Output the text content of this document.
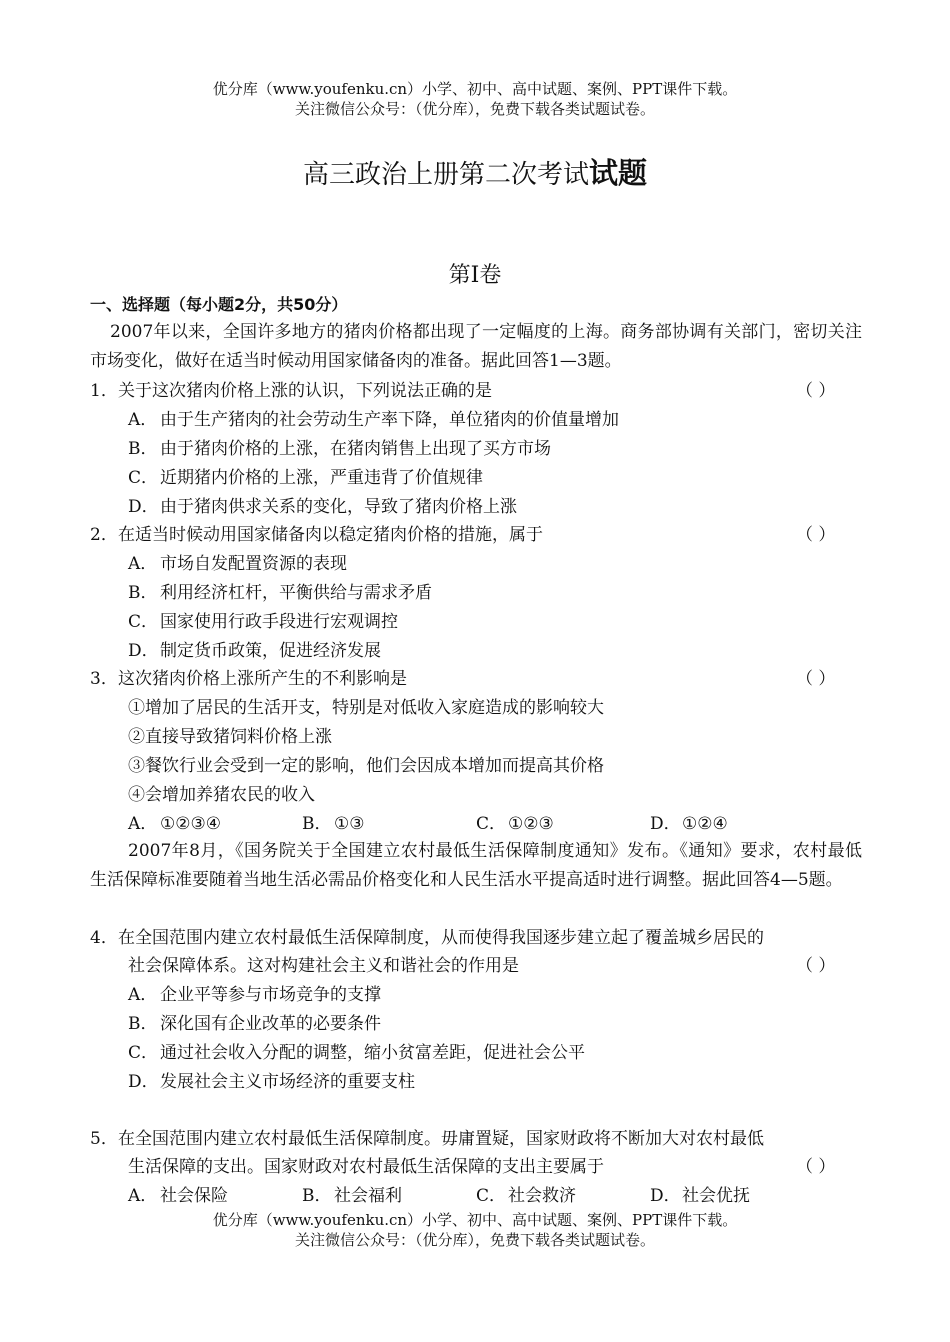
优分库（www.youfenku.cn）小学、初中、高中试题、案例、PPT课件下载。
关注微信公众号：（优分库），免费下载各类试题试卷。
高三政治上册第二次考试试题
第Ⅰ卷
一、选择题（每小题2分，共50分）
2007年以来，全国许多地方的猪肉价格都出现了一定幅度的上海。商务部协调有关部门，密切关注市场变化，做好在适当时候动用国家储备肉的准备。据此回答1—3题。
1．关于这次猪肉价格上涨的认识，下列说法正确的是	（ ）
A． 由于生产猪肉的社会劳动生产率下降，单位猪肉的价值量增加
B． 由于猪肉价格的上涨，在猪肉销售上出现了买方市场
C． 近期猪内价格的上涨，严重违背了价值规律
D．由于猪肉供求关系的变化，导致了猪肉价格上涨
2．在适当时候动用国家储备肉以稳定猪肉价格的措施，属于	（ ）
A． 市场自发配置资源的表现
B． 利用经济杠杆，平衡供给与需求矛盾
C． 国家使用行政手段进行宏观调控
D．制定货币政策，促进经济发展
3．这次猪肉价格上涨所产生的不利影响是	（ ）
①增加了居民的生活开支，特别是对低收入家庭造成的影响较大
②直接导致猪饲料价格上涨
③餐饮行业会受到一定的影响，他们会因成本增加而提高其价格
④会增加养猪农民的收入
A． ①②③④	B． ①③	C． ①②③	D．①②④
2007年8月，《国务院关于全国建立农村最低生活保障制度通知》发布。《通知》要求，农村最低生活保障标准要随着当地生活必需品价格变化和人民生活水平提高适时进行调整。据此回答4—5题。
4．在全国范围内建立农村最低生活保障制度，从而使得我国逐步建立起了覆盖城乡居民的
社会保障体系。这对构建社会主义和谐社会的作用是	（ ）
A． 企业平等参与市场竞争的支撑
B． 深化国有企业改革的必要条件
C． 通过社会收入分配的调整，缩小贫富差距，促进社会公平
D．发展社会主义市场经济的重要支柱
5．在全国范围内建立农村最低生活保障制度。毋庸置疑，国家财政将不断加大对农村最低
生活保障的支出。国家财政对农村最低生活保障的支出主要属于	（ ）
A． 社会保险	B． 社会福利	C． 社会救济	D．社会优抚
优分库（www.youfenku.cn）小学、初中、高中试题、案例、PPT课件下载。
关注微信公众号：（优分库），免费下载各类试题试卷。
